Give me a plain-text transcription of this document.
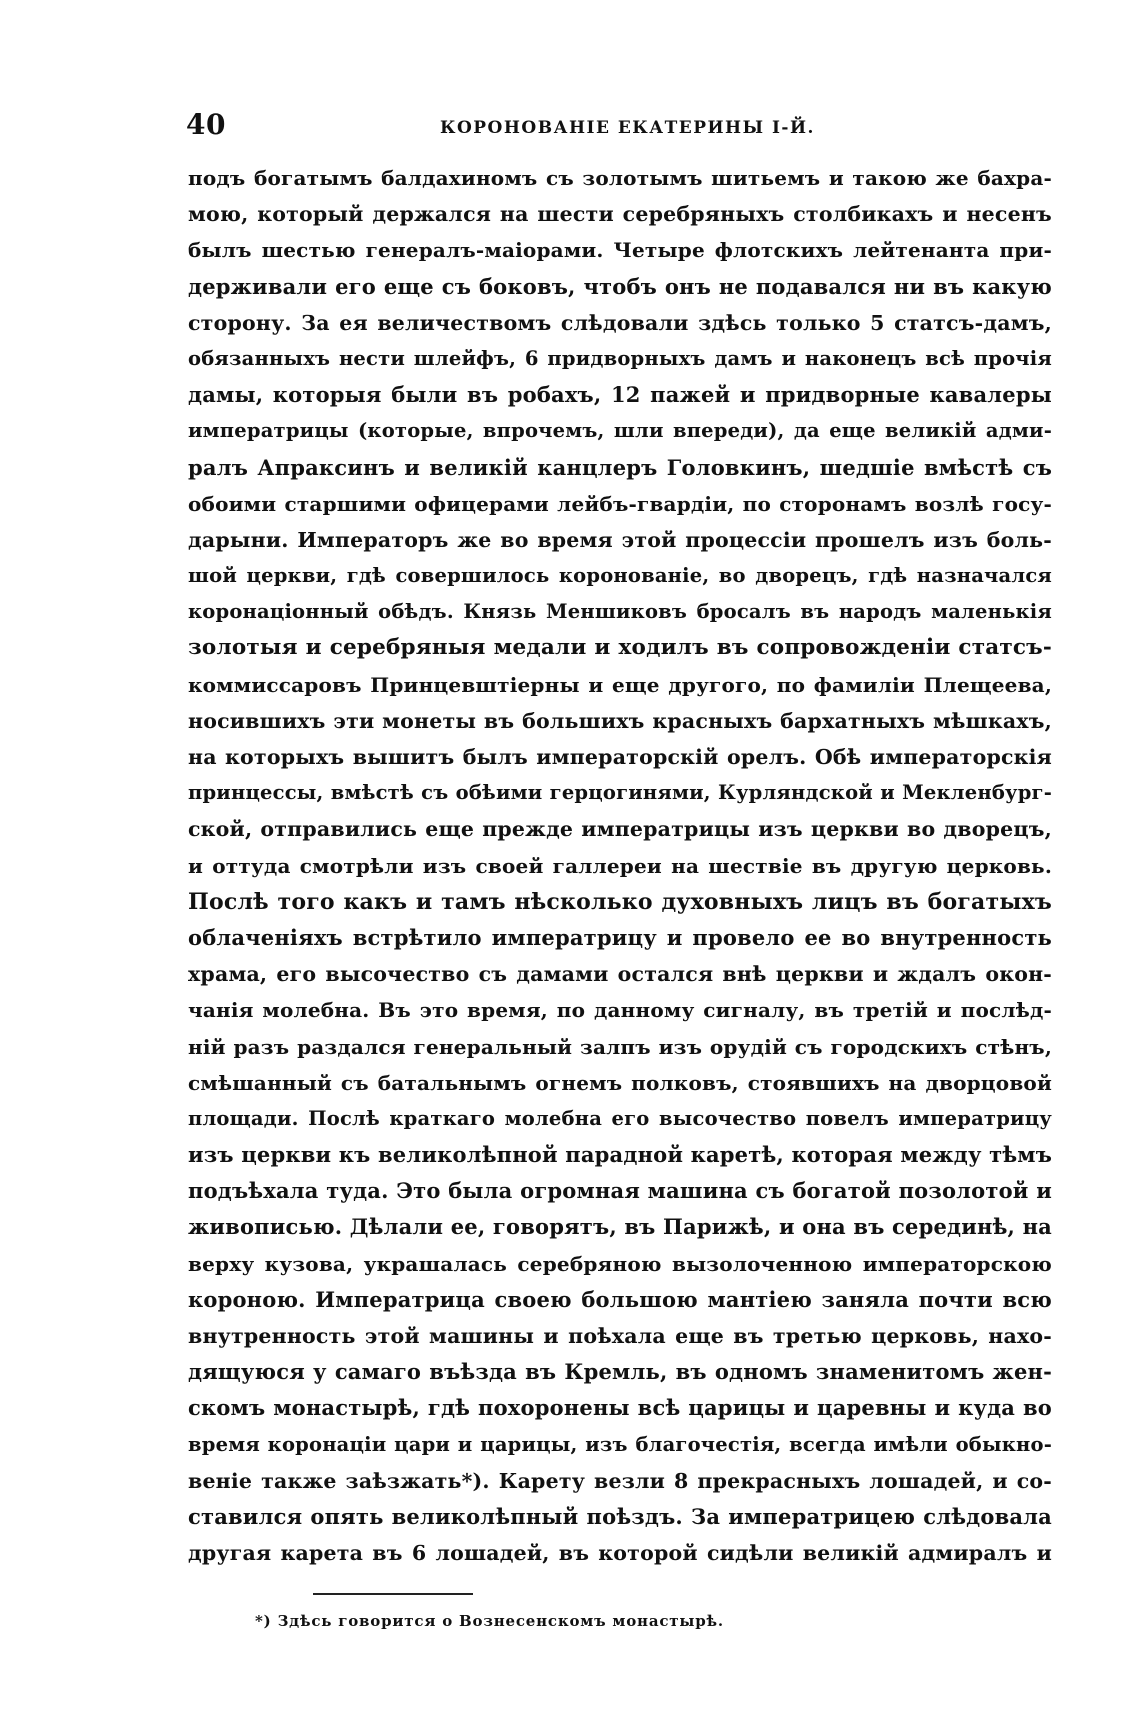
40	КОРОНОВАНІЕ ЕКАТЕРИНЫ І-Й.
подъ богатымъ балдахиномъ съ золотымъ шитьемъ и такою же бахра-
мою, который держался на шести серебряныхъ столбикахъ и несенъ
былъ шестью генералъ-маіорами. Четыре флотскихъ лейтенанта при-
держивали его еще съ боковъ, чтобъ онъ не подавался ни въ какую
сторону. За ея величествомъ слѣдовали здѣсь только 5 статсъ-дамъ,
обязанныхъ нести шлейфъ, 6 придворныхъ дамъ и наконецъ всѣ прочія
дамы, которыя были въ робахъ, 12 пажей и придворные кавалеры
императрицы (которые, впрочемъ, шли впереди), да еще великій адми-
ралъ Апраксинъ и великій канцлеръ Головкинъ, шедшіе вмѣстѣ съ
обоими старшими офицерами лейбъ-гвардіи, по сторонамъ возлѣ госу-
дарыни. Императоръ же во время этой процессіи прошелъ изъ боль-
шой церкви, гдѣ совершилось коронованіе, во дворецъ, гдѣ назначался
коронаціонный обѣдъ. Князь Меншиковъ бросалъ въ народъ маленькія
золотыя и серебряныя медали и ходилъ въ сопровожденіи статсъ-
коммиссаровъ Принцевштіерны и еще другого, по фамиліи Плещеева,
носившихъ эти монеты въ большихъ красныхъ бархатныхъ мѣшкахъ,
на которыхъ вышитъ былъ императорскій орелъ. Обѣ императорскія
принцессы, вмѣстѣ съ обѣими герцогинями, Курляндской и Мекленбург-
ской, отправились еще прежде императрицы изъ церкви во дворецъ,
и оттуда смотрѣли изъ своей галлереи на шествіе въ другую церковь.
Послѣ того какъ и тамъ нѣсколько духовныхъ лицъ въ богатыхъ
облаченіяхъ встрѣтило императрицу и провело ее во внутренность
храма, его высочество съ дамами остался внѣ церкви и ждалъ окон-
чанія молебна. Въ это время, по данному сигналу, въ третій и послѣд-
ній разъ раздался генеральный залпъ изъ орудій съ городскихъ стѣнъ,
смѣшанный съ батальнымъ огнемъ полковъ, стоявшихъ на дворцовой
площади. Послѣ краткаго молебна его высочество повелъ императрицу
изъ церкви къ великолѣпной парадной каретѣ, которая между тѣмъ
подъѣхала туда. Это была огромная машина съ богатой позолотой и
живописью. Дѣлали ее, говорятъ, въ Парижѣ, и она въ серединѣ, на
верху кузова, украшалась серебряною вызолоченною императорскою
короною. Императрица своею большою мантіею заняла почти всю
внутренность этой машины и поѣхала еще въ третью церковь, нахо-
дящуюся у самаго въѣзда въ Кремль, въ одномъ знаменитомъ жен-
скомъ монастырѣ, гдѣ похоронены всѣ царицы и царевны и куда во
время коронаціи цари и царицы, изъ благочестія, всегда имѣли обыкно-
веніе также заѣзжать*). Карету везли 8 прекрасныхъ лошадей, и со-
ставился опять великолѣпный поѣздъ. За императрицею слѣдовала
другая карета въ 6 лошадей, въ которой сидѣли великій адмиралъ и
*) Здѣсь говорится о Вознесенскомъ монастырѣ.
